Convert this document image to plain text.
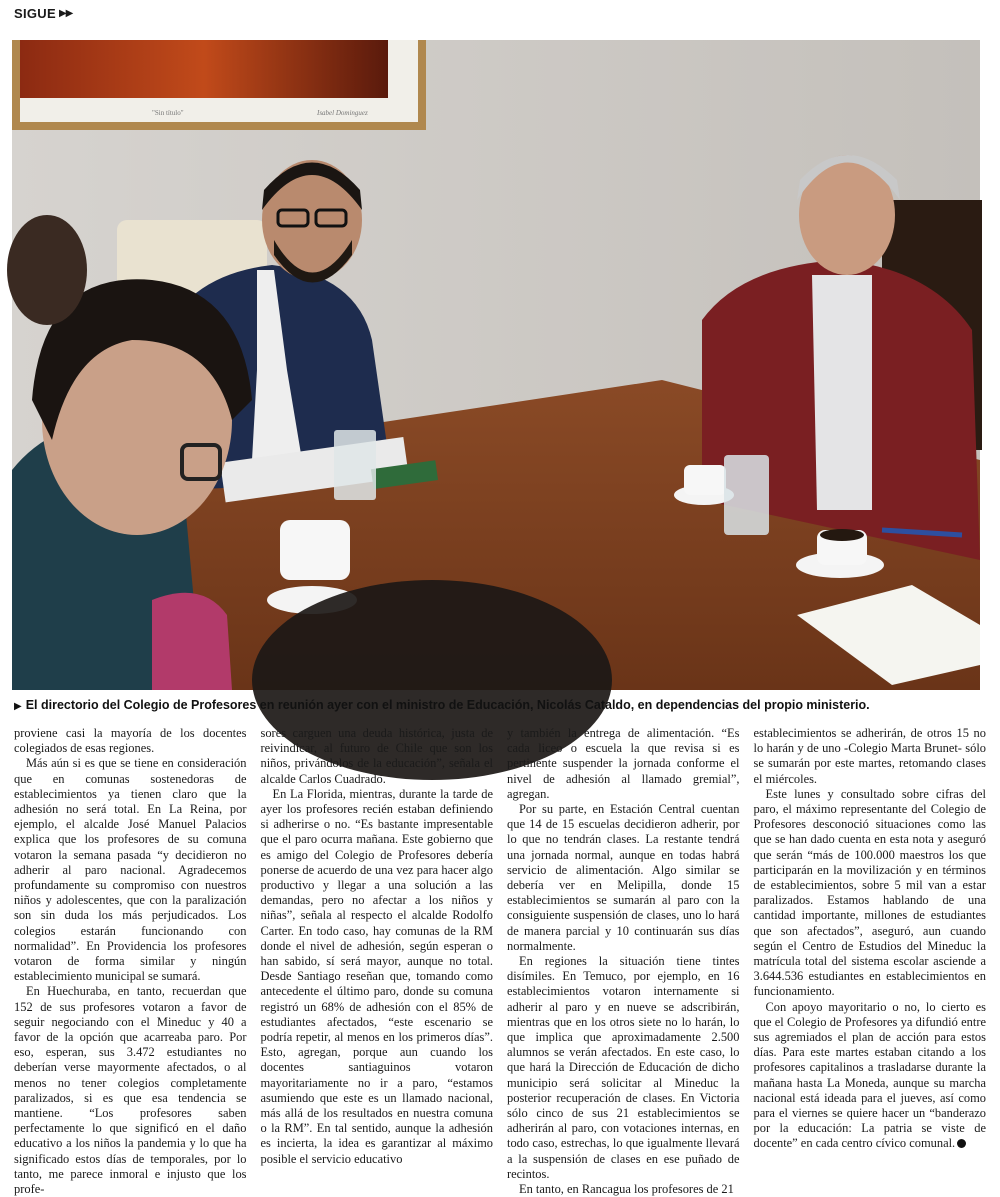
SIGUE ▶▶
"Sin título"	Isabel Dominguez
▶ El directorio del Colegio de Profesores en reunión ayer con el ministro de Educación, Nicolás Cataldo, en dependencias del propio ministerio.

proviene casi la mayoría de los docentes colegiados de esas regiones.

Más aún si es que se tiene en consideración que en comunas sostenedoras de establecimientos ya tienen claro que la adhesión no será total. En La Reina, por ejemplo, el alcalde José Manuel Palacios explica que los profesores de su comuna votaron la semana pasada “y decidieron no adherir al paro nacional. Agradecemos profundamente su compromiso con nuestros niños y adolescentes, que con la paralización son sin duda los más perjudicados. Los colegios estarán funcionando con normalidad”. En Providencia los profesores votaron de forma similar y ningún establecimiento municipal se sumará.

En Huechuraba, en tanto, recuerdan que 152 de sus profesores votaron a favor de seguir negociando con el Mineduc y 40 a favor de la opción que acarreaba paro. Por eso, esperan, sus 3.472 estudiantes no deberían verse mayormente afectados, o al menos no tener colegios completamente paralizados, si es que esa tendencia se mantiene. “Los profesores saben perfectamente lo que significó en el daño educativo a los niños la pandemia y lo que ha significado estos días de temporales, por lo tanto, me parece inmoral e injusto que los profe-

sores carguen una deuda histórica, justa de reivindicar, al futuro de Chile que son los niños, privándolos de la educación”, señala el alcalde Carlos Cuadrado.

En La Florida, mientras, durante la tarde de ayer los profesores recién estaban definiendo si adherirse o no. “Es bastante impresentable que el paro ocurra mañana. Este gobierno que es amigo del Colegio de Profesores debería ponerse de acuerdo de una vez para hacer algo productivo y llegar a una solución a las demandas, pero no afectar a los niños y niñas”, señala al respecto el alcalde Rodolfo Carter. En todo caso, hay comunas de la RM donde el nivel de adhesión, según esperan o han sabido, sí será mayor, aunque no total. Desde Santiago reseñan que, tomando como antecedente el último paro, donde su comuna registró un 68% de adhesión con el 85% de estudiantes afectados, “este escenario se podría repetir, al menos en los primeros días”. Esto, agregan, porque aun cuando los docentes santiaguinos votaron mayoritariamente no ir a paro, “estamos asumiendo que este es un llamado nacional, más allá de los resultados en nuestra comuna o la RM”. En tal sentido, aunque la adhesión es incierta, la idea es garantizar al máximo posible el servicio educativo

y también la entrega de alimentación. “Es cada liceo o escuela la que revisa si es pertinente suspender la jornada conforme el nivel de adhesión al llamado gremial”, agregan.

Por su parte, en Estación Central cuentan que 14 de 15 escuelas decidieron adherir, por lo que no tendrán clases. La restante tendrá una jornada normal, aunque en todas habrá servicio de alimentación. Algo similar se debería ver en Melipilla, donde 15 establecimientos se sumarán al paro con la consiguiente suspensión de clases, uno lo hará de manera parcial y 10 continuarán sus días normalmente.

En regiones la situación tiene tintes disímiles. En Temuco, por ejemplo, en 16 establecimientos votaron internamente si adherir al paro y en nueve se adscribirán, mientras que en los otros siete no lo harán, lo que implica que aproximadamente 2.500 alumnos se verán afectados. En este caso, lo que hará la Dirección de Educación de dicho municipio será solicitar al Mineduc la posterior recuperación de clases. En Victoria sólo cinco de sus 21 establecimientos se adherirán al paro, con votaciones internas, en todo caso, estrechas, lo que igualmente llevará a la suspensión de clases en ese puñado de recintos.

En tanto, en Rancagua los profesores de 21

establecimientos se adherirán, de otros 15 no lo harán y de uno -Colegio Marta Brunet- sólo se sumarán por este martes, retomando clases el miércoles.

Este lunes y consultado sobre cifras del paro, el máximo representante del Colegio de Profesores desconoció situaciones como las que se han dado cuenta en esta nota y aseguró que serán “más de 100.000 maestros los que participarán en la movilización y en términos de establecimientos, sobre 5 mil van a estar paralizados. Estamos hablando de una cantidad importante, millones de estudiantes que son afectados”, aseguró, aun cuando según el Centro de Estudios del Mineduc la matrícula total del sistema escolar asciende a 3.644.536 estudiantes en establecimientos en funcionamiento.

Con apoyo mayoritario o no, lo cierto es que el Colegio de Profesores ya difundió entre sus agremiados el plan de acción para estos días. Para este martes estaban citando a los profesores capitalinos a trasladarse durante la mañana hasta La Moneda, aunque su marcha nacional está ideada para el jueves, así como para el viernes se quiere hacer un “banderazo por la educación: La patria se viste de docente” en cada centro cívico comunal.
